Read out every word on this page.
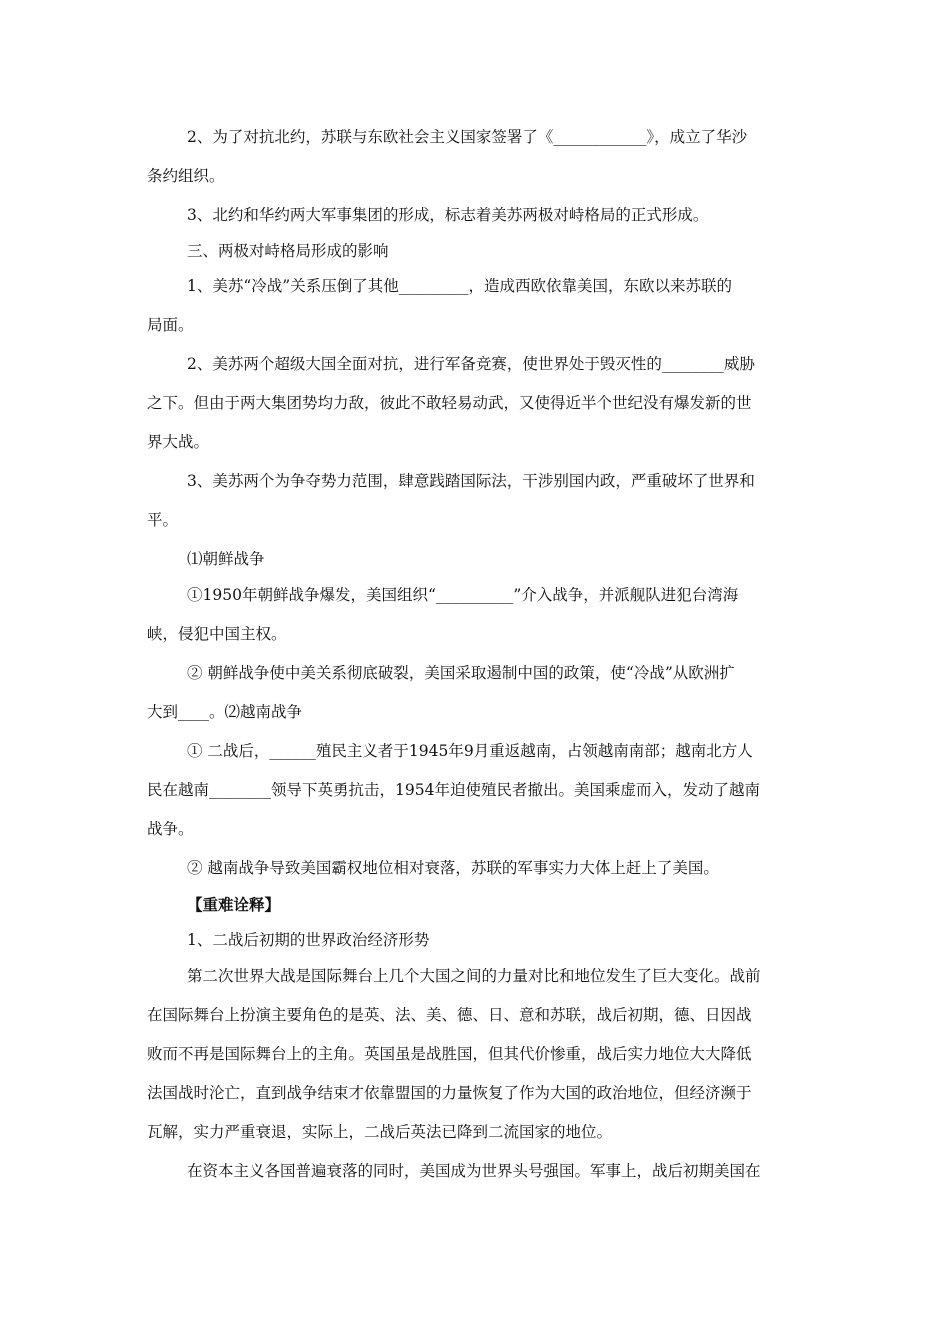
2、为了对抗北约，苏联与东欧社会主义国家签署了《____________》，成立了华沙
条约组织。
3、北约和华约两大军事集团的形成，标志着美苏两极对峙格局的正式形成。
三、两极对峙格局形成的影响
1、美苏“冷战”关系压倒了其他_________，造成西欧依靠美国，东欧以来苏联的
局面。
2、美苏两个超级大国全面对抗，进行军备竞赛，使世界处于毁灭性的________威胁
之下。但由于两大集团势均力敌，彼此不敢轻易动武，又使得近半个世纪没有爆发新的世
界大战。
3、美苏两个为争夺势力范围，肆意践踏国际法，干涉别国内政，严重破坏了世界和
平。
⑴朝鲜战争
①1950年朝鲜战争爆发，美国组织“__________”介入战争，并派舰队进犯台湾海
峡，侵犯中国主权。
② 朝鲜战争使中美关系彻底破裂，美国采取遏制中国的政策，使“冷战”从欧洲扩
大到____。⑵越南战争
① 二战后，______殖民主义者于1945年9月重返越南，占领越南南部；越南北方人
民在越南________领导下英勇抗击，1954年迫使殖民者撤出。美国乘虚而入，发动了越南
战争。
② 越南战争导致美国霸权地位相对衰落，苏联的军事实力大体上赶上了美国。
【重难诠释】
1、二战后初期的世界政治经济形势
第二次世界大战是国际舞台上几个大国之间的力量对比和地位发生了巨大变化。战前
在国际舞台上扮演主要角色的是英、法、美、德、日、意和苏联，战后初期，德、日因战
败而不再是国际舞台上的主角。英国虽是战胜国，但其代价惨重，战后实力地位大大降低
法国战时沦亡，直到战争结束才依靠盟国的力量恢复了作为大国的政治地位，但经济濒于
瓦解，实力严重衰退，实际上，二战后英法已降到二流国家的地位。
在资本主义各国普遍衰落的同时，美国成为世界头号强国。军事上，战后初期美国在
